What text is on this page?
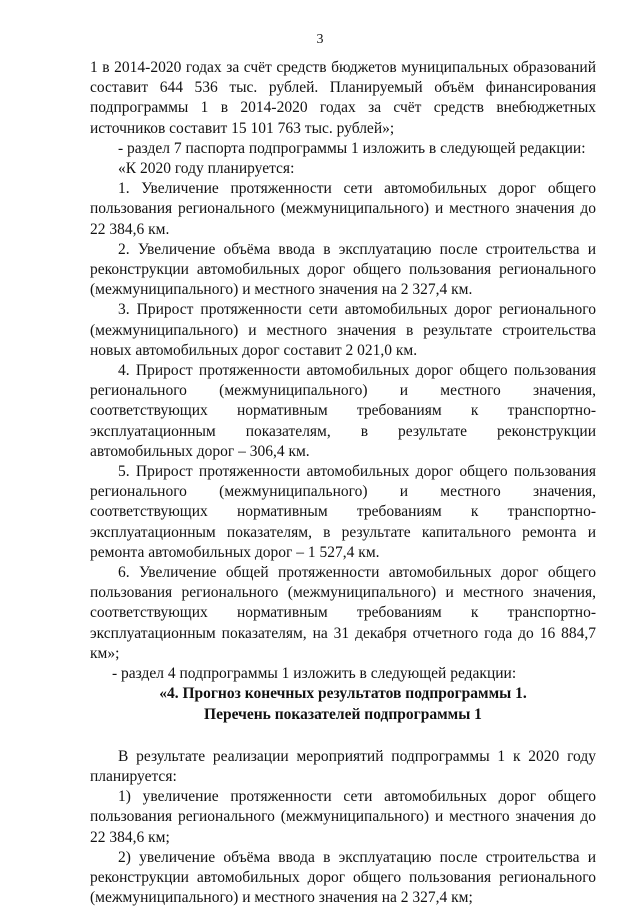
3

1 в 2014-2020 годах за счёт средств бюджетов муниципальных образований составит 644 536 тыс. рублей. Планируемый объём финансирования подпрограммы 1 в 2014-2020 годах за счёт средств внебюджетных источников составит 15 101 763 тыс. рублей»;

- раздел 7 паспорта подпрограммы 1 изложить в следующей редакции:

«К 2020 году планируется:

1. Увеличение протяженности сети автомобильных дорог общего пользования регионального (межмуниципального) и местного значения до 22 384,6 км.

2. Увеличение объёма ввода в эксплуатацию после строительства и реконструкции автомобильных дорог общего пользования регионального (межмуниципального) и местного значения на 2 327,4 км.

3. Прирост протяженности сети автомобильных дорог регионального (межмуниципального) и местного значения в результате строительства новых автомобильных дорог составит 2 021,0 км.

4. Прирост протяженности автомобильных дорог общего пользования регионального (межмуниципального) и местного значения, соответствующих нормативным требованиям к транспортно-эксплуатационным показателям, в результате реконструкции автомобильных дорог – 306,4 км.

5. Прирост протяженности автомобильных дорог общего пользования регионального (межмуниципального) и местного значения, соответствующих нормативным требованиям к транспортно-эксплуатационным показателям, в результате капитального ремонта и ремонта автомобильных дорог – 1 527,4 км.

6. Увеличение общей протяженности автомобильных дорог общего пользования регионального (межмуниципального) и местного значения, соответствующих нормативным требованиям к транспортно-эксплуатационным показателям, на 31 декабря отчетного года до 16 884,7 км»;

- раздел 4 подпрограммы 1 изложить в следующей редакции:

«4. Прогноз конечных результатов подпрограммы 1.

Перечень показателей подпрограммы 1

В результате реализации мероприятий подпрограммы 1 к 2020 году планируется:

1) увеличение протяженности сети автомобильных дорог общего пользования регионального (межмуниципального) и местного значения до 22 384,6 км;

2) увеличение объёма ввода в эксплуатацию после строительства и реконструкции автомобильных дорог общего пользования регионального (межмуниципального) и местного значения на 2 327,4 км;
